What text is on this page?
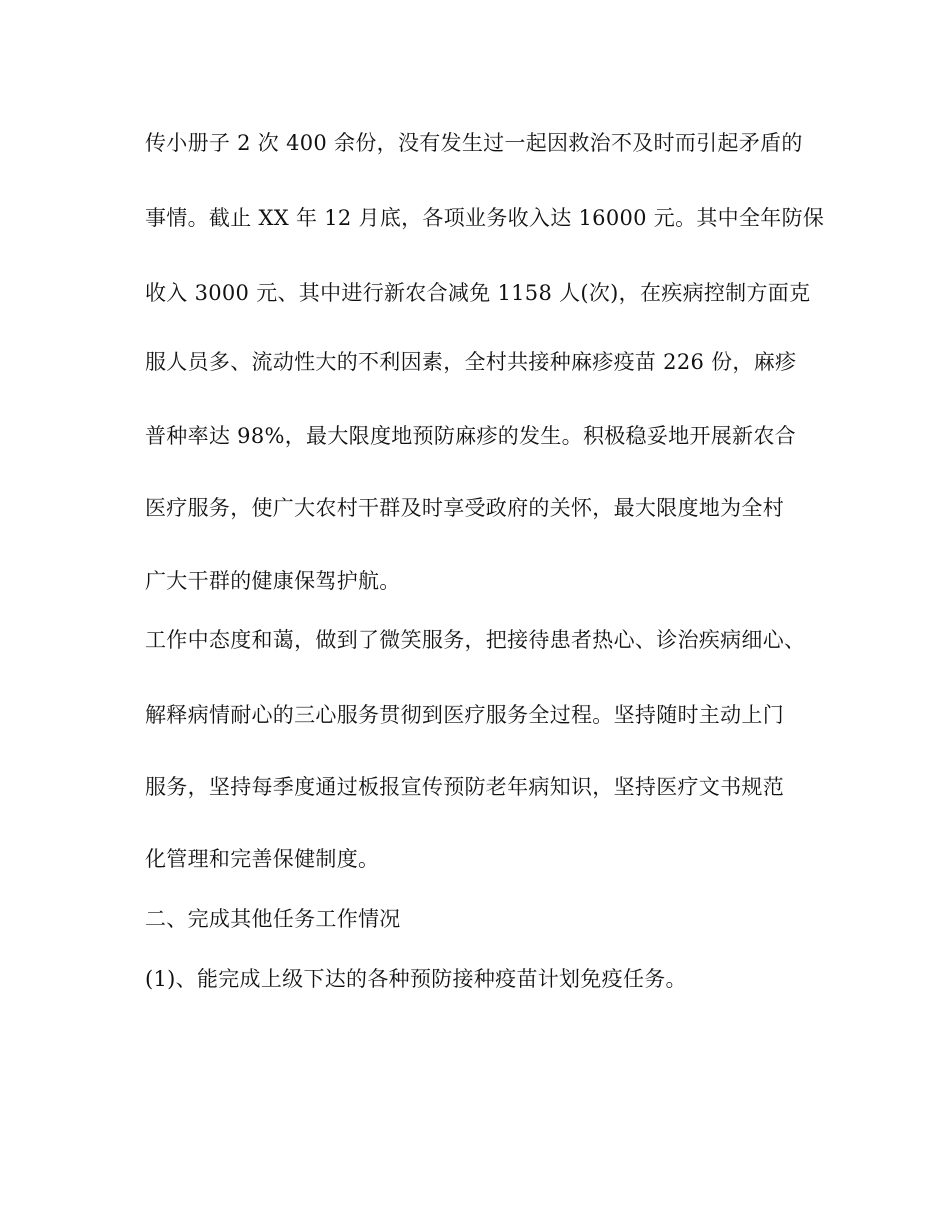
传小册子 2 次 400 余份，没有发生过一起因救治不及时而引起矛盾的

事情。截止 XX 年 12 月底，各项业务收入达 16000 元。其中全年防保

收入 3000 元、其中进行新农合减免 1158 人(次)，在疾病控制方面克

服人员多、流动性大的不利因素，全村共接种麻疹疫苗 226 份，麻疹

普种率达 98%，最大限度地预防麻疹的发生。积极稳妥地开展新农合

医疗服务，使广大农村干群及时享受政府的关怀，最大限度地为全村

广大干群的健康保驾护航。

工作中态度和蔼，做到了微笑服务，把接待患者热心、诊治疾病细心、

解释病情耐心的三心服务贯彻到医疗服务全过程。坚持随时主动上门

服务，坚持每季度通过板报宣传预防老年病知识，坚持医疗文书规范

化管理和完善保健制度。

二、完成其他任务工作情况

(1)、能完成上级下达的各种预防接种疫苗计划免疫任务。
